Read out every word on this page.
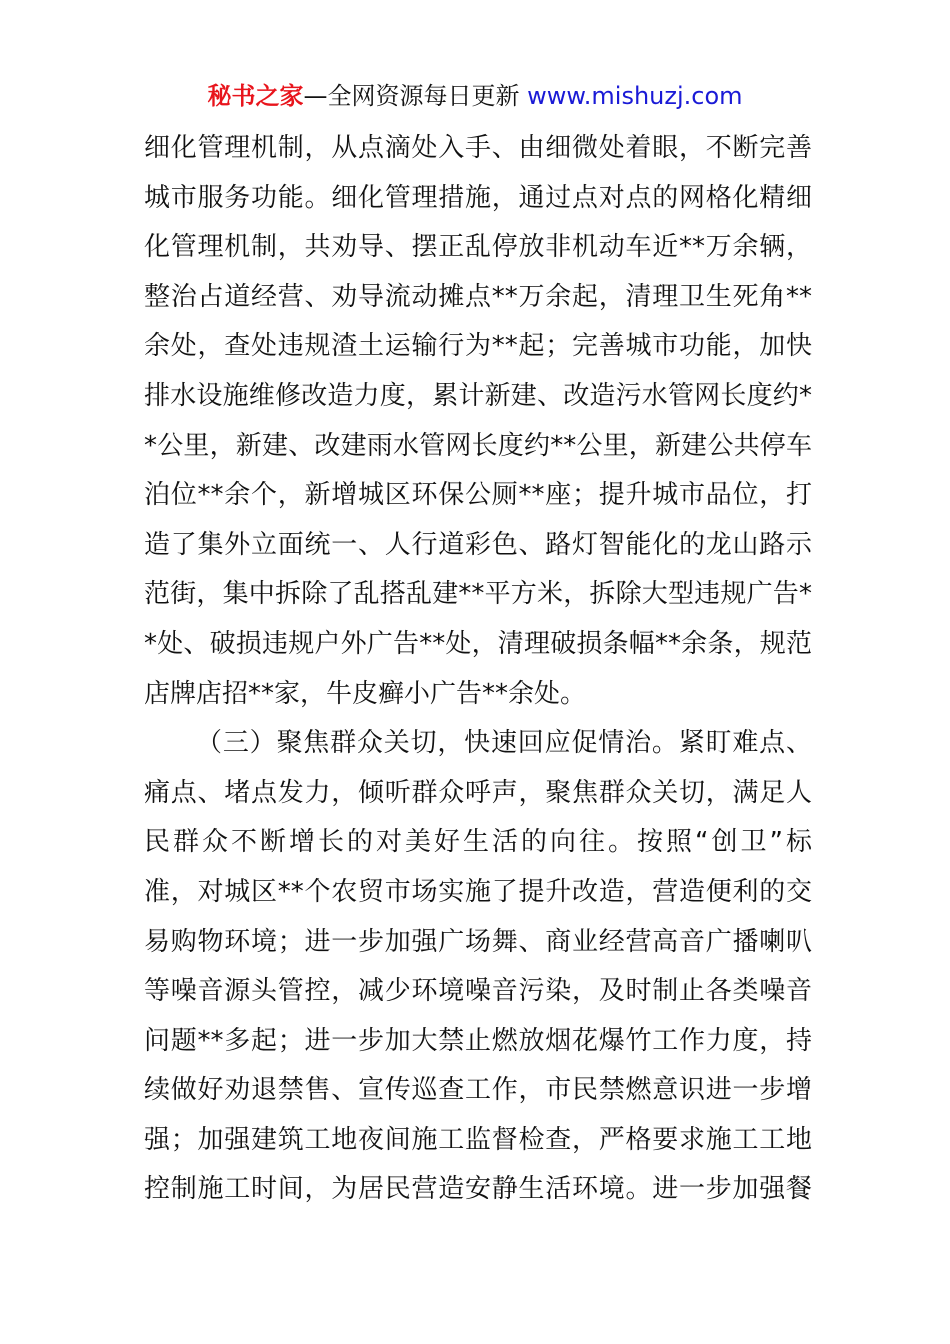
秘书之家—全网资源每日更新 www.mishuzj.com
细化管理机制，从点滴处入手、由细微处着眼，不断完善
城市服务功能。细化管理措施，通过点对点的网格化精细
化管理机制，共劝导、摆正乱停放非机动车近**万余辆，
整治占道经营、劝导流动摊点**万余起，清理卫生死角**
余处，查处违规渣土运输行为**起；完善城市功能，加快
排水设施维修改造力度，累计新建、改造污水管网长度约*
*公里，新建、改建雨水管网长度约**公里，新建公共停车
泊位**余个，新增城区环保公厕**座；提升城市品位，打
造了集外立面统一、人行道彩色、路灯智能化的龙山路示
范街，集中拆除了乱搭乱建**平方米，拆除大型违规广告*
*处、破损违规户外广告**处，清理破损条幅**余条，规范
店牌店招**家，牛皮癣小广告**余处。
（三）聚焦群众关切，快速回应促情治。紧盯难点、
痛点、堵点发力，倾听群众呼声，聚焦群众关切，满足人
民群众不断增长的对美好生活的向往。按照“创卫”标
准，对城区**个农贸市场实施了提升改造，营造便利的交
易购物环境；进一步加强广场舞、商业经营高音广播喇叭
等噪音源头管控，减少环境噪音污染，及时制止各类噪音
问题**多起；进一步加大禁止燃放烟花爆竹工作力度，持
续做好劝退禁售、宣传巡查工作，市民禁燃意识进一步增
强；加强建筑工地夜间施工监督检查，严格要求施工工地
控制施工时间，为居民营造安静生活环境。进一步加强餐
